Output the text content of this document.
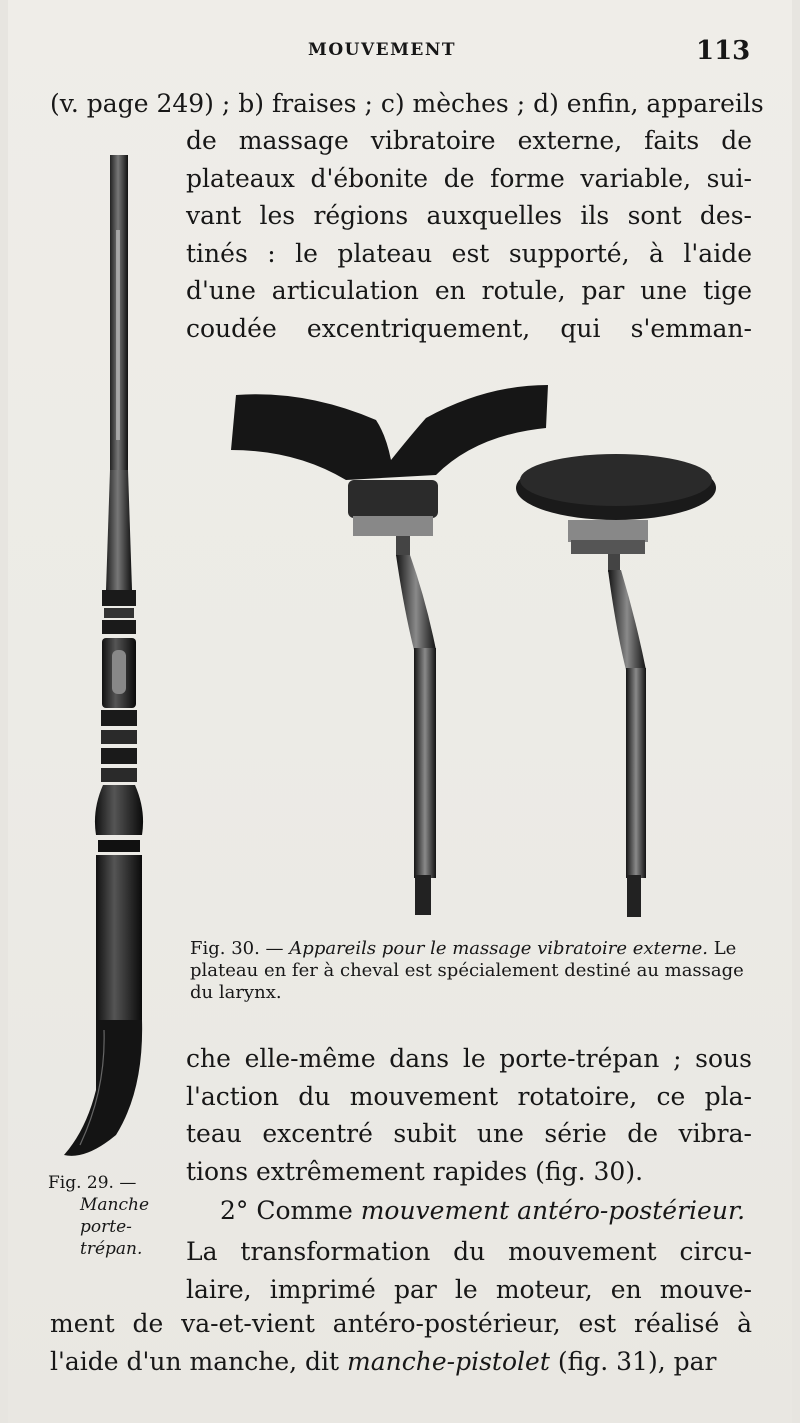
MOUVEMENT	113
(v. page 249) ; b) fraises ; c) mèches ; d) enfin, appareils
de massage vibratoire externe, faits de
plateaux d'ébonite de forme variable, sui-
vant les régions auxquelles ils sont des-
tinés : le plateau est supporté, à l'aide
d'une articulation en rotule, par une tige
coudée excentriquement, qui s'emman-
Fig. 30. — Appareils pour le massage vibratoire externe. Le plateau en fer à cheval est spécialement destiné au massage du larynx.
che elle-même dans le porte-trépan ; sous
l'action du mouvement rotatoire, ce pla-
teau excentré subit une série de vibra-
tions extrêmement rapides (fig. 30).
2° Comme mouvement antéro-postérieur.
La transformation du mouvement circu-
laire, imprimé par le moteur, en mouve-
ment de va-et-vient antéro-postérieur, est réalisé à
l'aide d'un manche, dit manche-pistolet (fig. 31), par
Fig. 29. —
Manche
porte-
trépan.
